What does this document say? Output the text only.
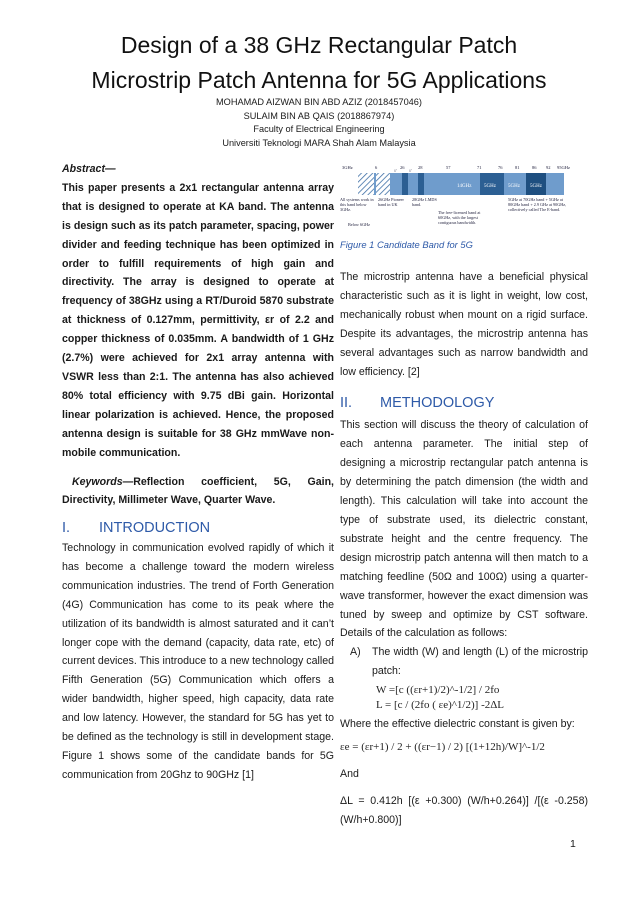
Design of a 38 GHz Rectangular Patch
Microstrip Patch Antenna for 5G Applications
MOHAMAD AIZWAN BIN ABD AZIZ (2018457046)
SULAIM BIN AB QAIS (2018867974)
Faculty of Electrical Engineering
Universiti Teknologi MARA Shah Alam Malaysia
Abstract—
This paper presents a 2x1 rectangular antenna array that is designed to operate at KA band. The antenna is design such as its patch parameter, spacing, power divider and feeding technique has been optimized in order to fulfill requirements of high gain and directivity. The array is designed to operate at frequency of 38GHz using a RT/Duroid 5870 substrate at thickness of 0.127mm, permittivity, εr of 2.2 and copper thickness of 0.035mm. A bandwidth of 1 GHz (2.7%) were achieved for 2x1 array antenna with VSWR less than 2:1. The antenna has also achieved 80% total efficiency with 9.75 dBi gain. Horizontal linear polarization is achieved. Hence, the proposed antenna design is suitable for 38 GHz mmWave non-mobile communication.
Keywords—Reflection coefficient, 5G, Gain, Directivity, Millimeter Wave, Quarter Wave.
I.	INTRODUCTION
Technology in communication evolved rapidly of which it has become a challenge toward the modern wireless communication industries. The trend of Forth Generation (4G) Communication has come to its peak where the utilization of its bandwidth is almost saturated and it can’t longer cope with the demand (capacity, data rate, etc) of current devices. This introduce to a new technology called Fifth Generation (5G) Communication which offers a wider bandwidth, higher speed, high capacity, data rate and low latency. However, the standard for 5G has yet to be defined as the technology is still in development stage. Figure 1 shows some of the candidate bands for 5G communication from 20Ghz to 90GHz [1]
//	//
3GHz	6	26	28	57	71	76	81	86 92 95GHz
14GHz	5GHz 5GHz 5GHz
All systems work in this band below 3GHz.
Below 6GHz
26GHz Pioneer band in UK
28GHz LMDS band.
The free-licensed band at 60GHz, with the largest contiguous bandwidth.
5GHz at 70GHz band + 5GHz at 80GHz band + 2.9 GHz at 90GHz, collectively called The E-band.
Figure 1 Candidate Band for 5G
The microstrip antenna have a beneficial physical characteristic such as it is light in weight, low cost, mechanically robust when mount on a rigid surface. Despite its advantages, the microstrip antenna has several advantages such as narrow bandwidth and low efficiency. [2]
II.	METHODOLOGY
This section will discuss the theory of calculation of each antenna parameter. The initial step of designing a microstrip rectangular patch antenna is by determining the patch dimension (the width and length). This calculation will take into account the type of substrate used, its dielectric constant, substrate height and the centre frequency. The design microstrip patch antenna will then match to a matching feedline (50Ω and 100Ω) using a quarter-wave transformer, however the exact dimension was tuned by sweep and optimize by CST software. Details of the calculation as follows:
A)	The width (W) and length (L) of the microstrip patch:
W =[c ((εr+1)/2)^-1/2] / 2fo
L = [c / (2fo ( εe)^1/2)] -2ΔL
Where the effective dielectric constant is given by:
εe = (εr+1) / 2 + ((εr−1) / 2) [(1+12h)/W]^-1/2
And
ΔL = 0.412h [(ε +0.300) (W/h+0.264)] /[(ε -0.258) (W/h+0.800)]
1
